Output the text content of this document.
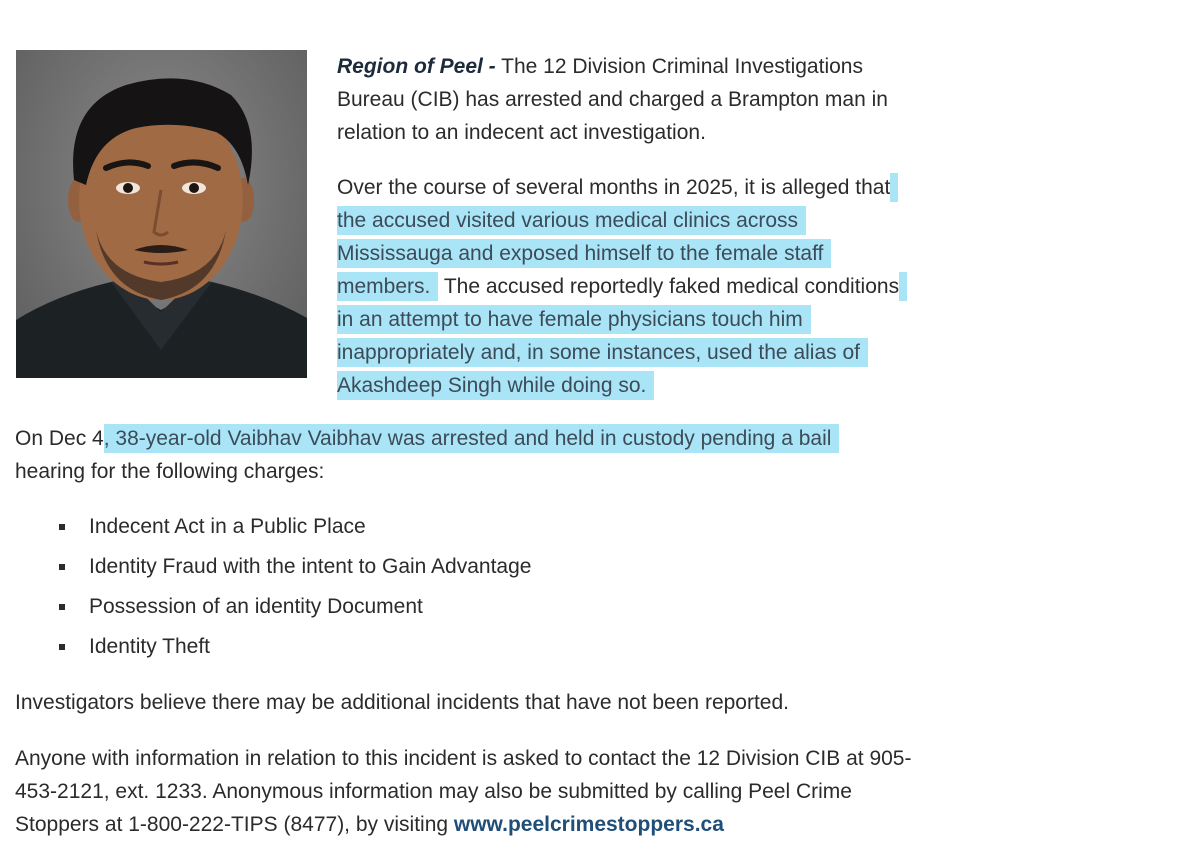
Region of Peel - The 12 Division Criminal Investigations Bureau (CIB) has arrested and charged a Brampton man in relation to an indecent act investigation.

Over the course of several months in 2025, it is alleged that the accused visited various medical clinics across Mississauga and exposed himself to the female staff members. The accused reportedly faked medical conditions in an attempt to have female physicians touch him inappropriately and, in some instances, used the alias of Akashdeep Singh while doing so.

On Dec 4, 38-year-old Vaibhav Vaibhav was arrested and held in custody pending a bail hearing for the following charges:

Indecent Act in a Public Place
Identity Fraud with the intent to Gain Advantage
Possession of an identity Document
Identity Theft

Investigators believe there may be additional incidents that have not been reported.

Anyone with information in relation to this incident is asked to contact the 12 Division CIB at 905-453-2121, ext. 1233. Anonymous information may also be submitted by calling Peel Crime Stoppers at 1-800-222-TIPS (8477), by visiting www.peelcrimestoppers.ca
